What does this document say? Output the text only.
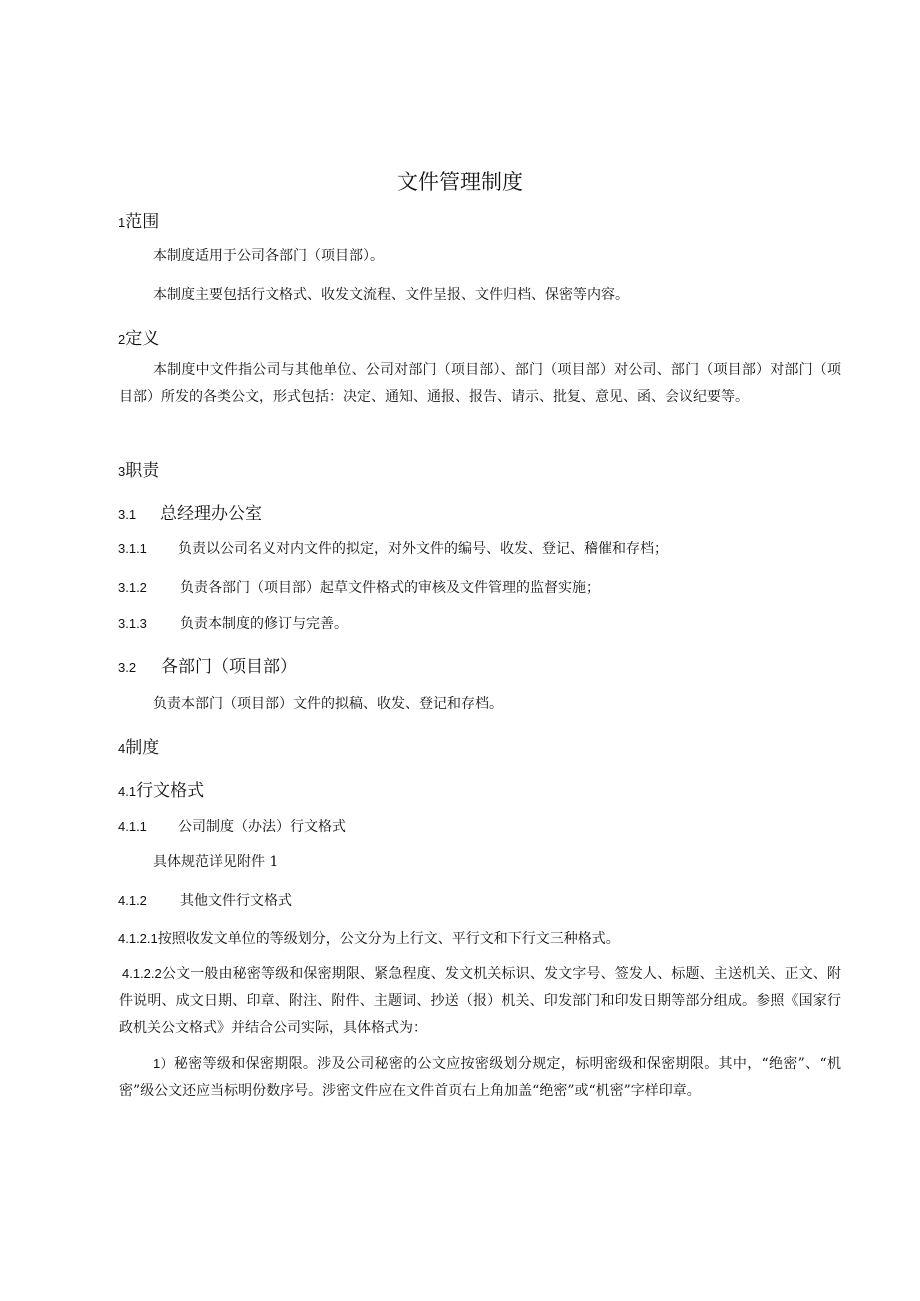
文件管理制度
1范围
本制度适用于公司各部门（项目部）。
本制度主要包括行文格式、收发文流程、文件呈报、文件归档、保密等内容。
2定义
本制度中文件指公司与其他单位、公司对部门（项目部）、部门（项目部）对公司、部门（项目部）对部门（项目部）所发的各类公文，形式包括：决定、通知、通报、报告、请示、批复、意见、函、会议纪要等。
3职责
3.1 总经理办公室
3.1.1 负责以公司名义对内文件的拟定，对外文件的编号、收发、登记、稽催和存档；
3.1.2 负责各部门（项目部）起草文件格式的审核及文件管理的监督实施；
3.1.3 负责本制度的修订与完善。
3.2 各部门（项目部）
负责本部门（项目部）文件的拟稿、收发、登记和存档。
4制度
4.1行文格式
4.1.1 公司制度（办法）行文格式
具体规范详见附件 1
4.1.2 其他文件行文格式
4.1.2.1按照收发文单位的等级划分，公文分为上行文、平行文和下行文三种格式。
4.1.2.2公文一般由秘密等级和保密期限、紧急程度、发文机关标识、发文字号、签发人、标题、主送机关、正文、附件说明、成文日期、印章、附注、附件、主题词、抄送（报）机关、印发部门和印发日期等部分组成。参照《国家行政机关公文格式》并结合公司实际，具体格式为：
1）秘密等级和保密期限。涉及公司秘密的公文应按密级划分规定，标明密级和保密期限。其中，“绝密”、“机密”级公文还应当标明份数序号。涉密文件应在文件首页右上角加盖“绝密”或“机密”字样印章。
